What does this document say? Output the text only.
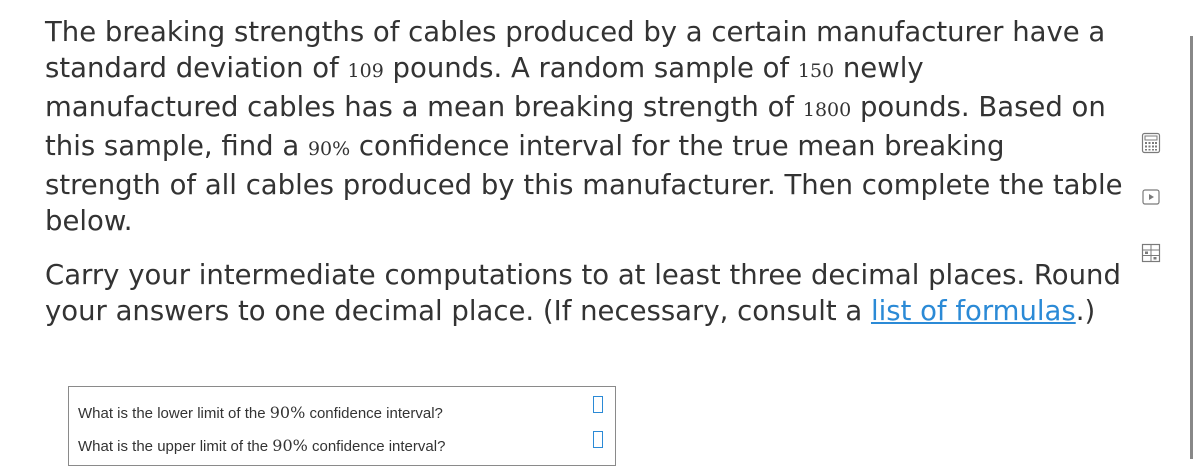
The breaking strengths of cables produced by a certain manufacturer have a standard deviation of 109 pounds. A random sample of 150 newly manufactured cables has a mean breaking strength of 1800 pounds. Based on this sample, find a 90% confidence interval for the true mean breaking strength of all cables produced by this manufacturer. Then complete the table below.

Carry your intermediate computations to at least three decimal places. Round your answers to one decimal place. (If necessary, consult a list of formulas.)

What is the lower limit of the 90% confidence interval?
What is the upper limit of the 90% confidence interval?
